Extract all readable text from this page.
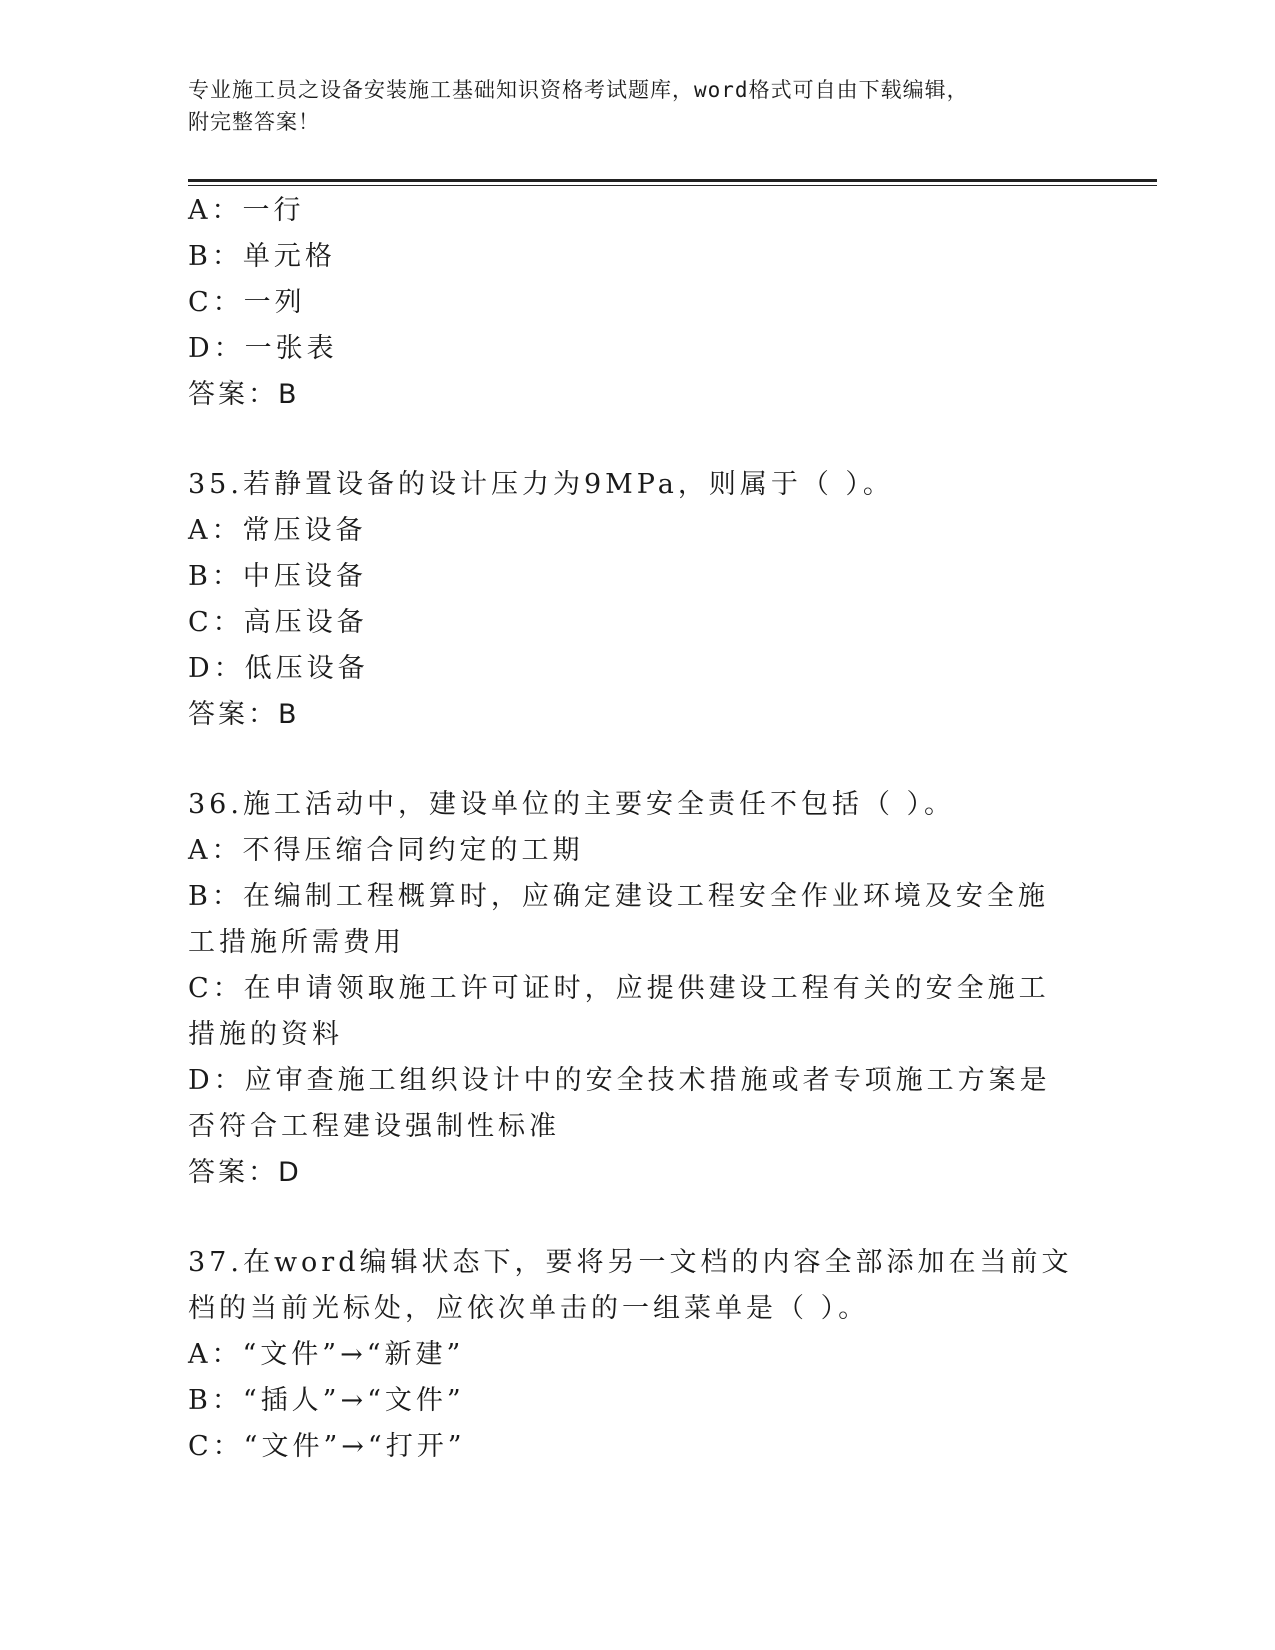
专业施工员之设备安装施工基础知识资格考试题库，word格式可自由下载编辑，
附完整答案！

A：一行

B：单元格

C：一列

D：一张表

答案：B

35.若静置设备的设计压力为9MPa，则属于（ ）。

A：常压设备

B：中压设备

C：高压设备

D：低压设备

答案：B

36.施工活动中，建设单位的主要安全责任不包括（ ）。

A：不得压缩合同约定的工期

B：在编制工程概算时，应确定建设工程安全作业环境及安全施工措施所需费用

C：在申请领取施工许可证时，应提供建设工程有关的安全施工措施的资料

D：应审查施工组织设计中的安全技术措施或者专项施工方案是否符合工程建设强制性标准

答案：D

37.在word编辑状态下，要将另一文档的内容全部添加在当前文档的当前光标处，应依次单击的一组菜单是（ ）。

A：“文件”→“新建”

B：“插人”→“文件”

C：“文件”→“打开”
